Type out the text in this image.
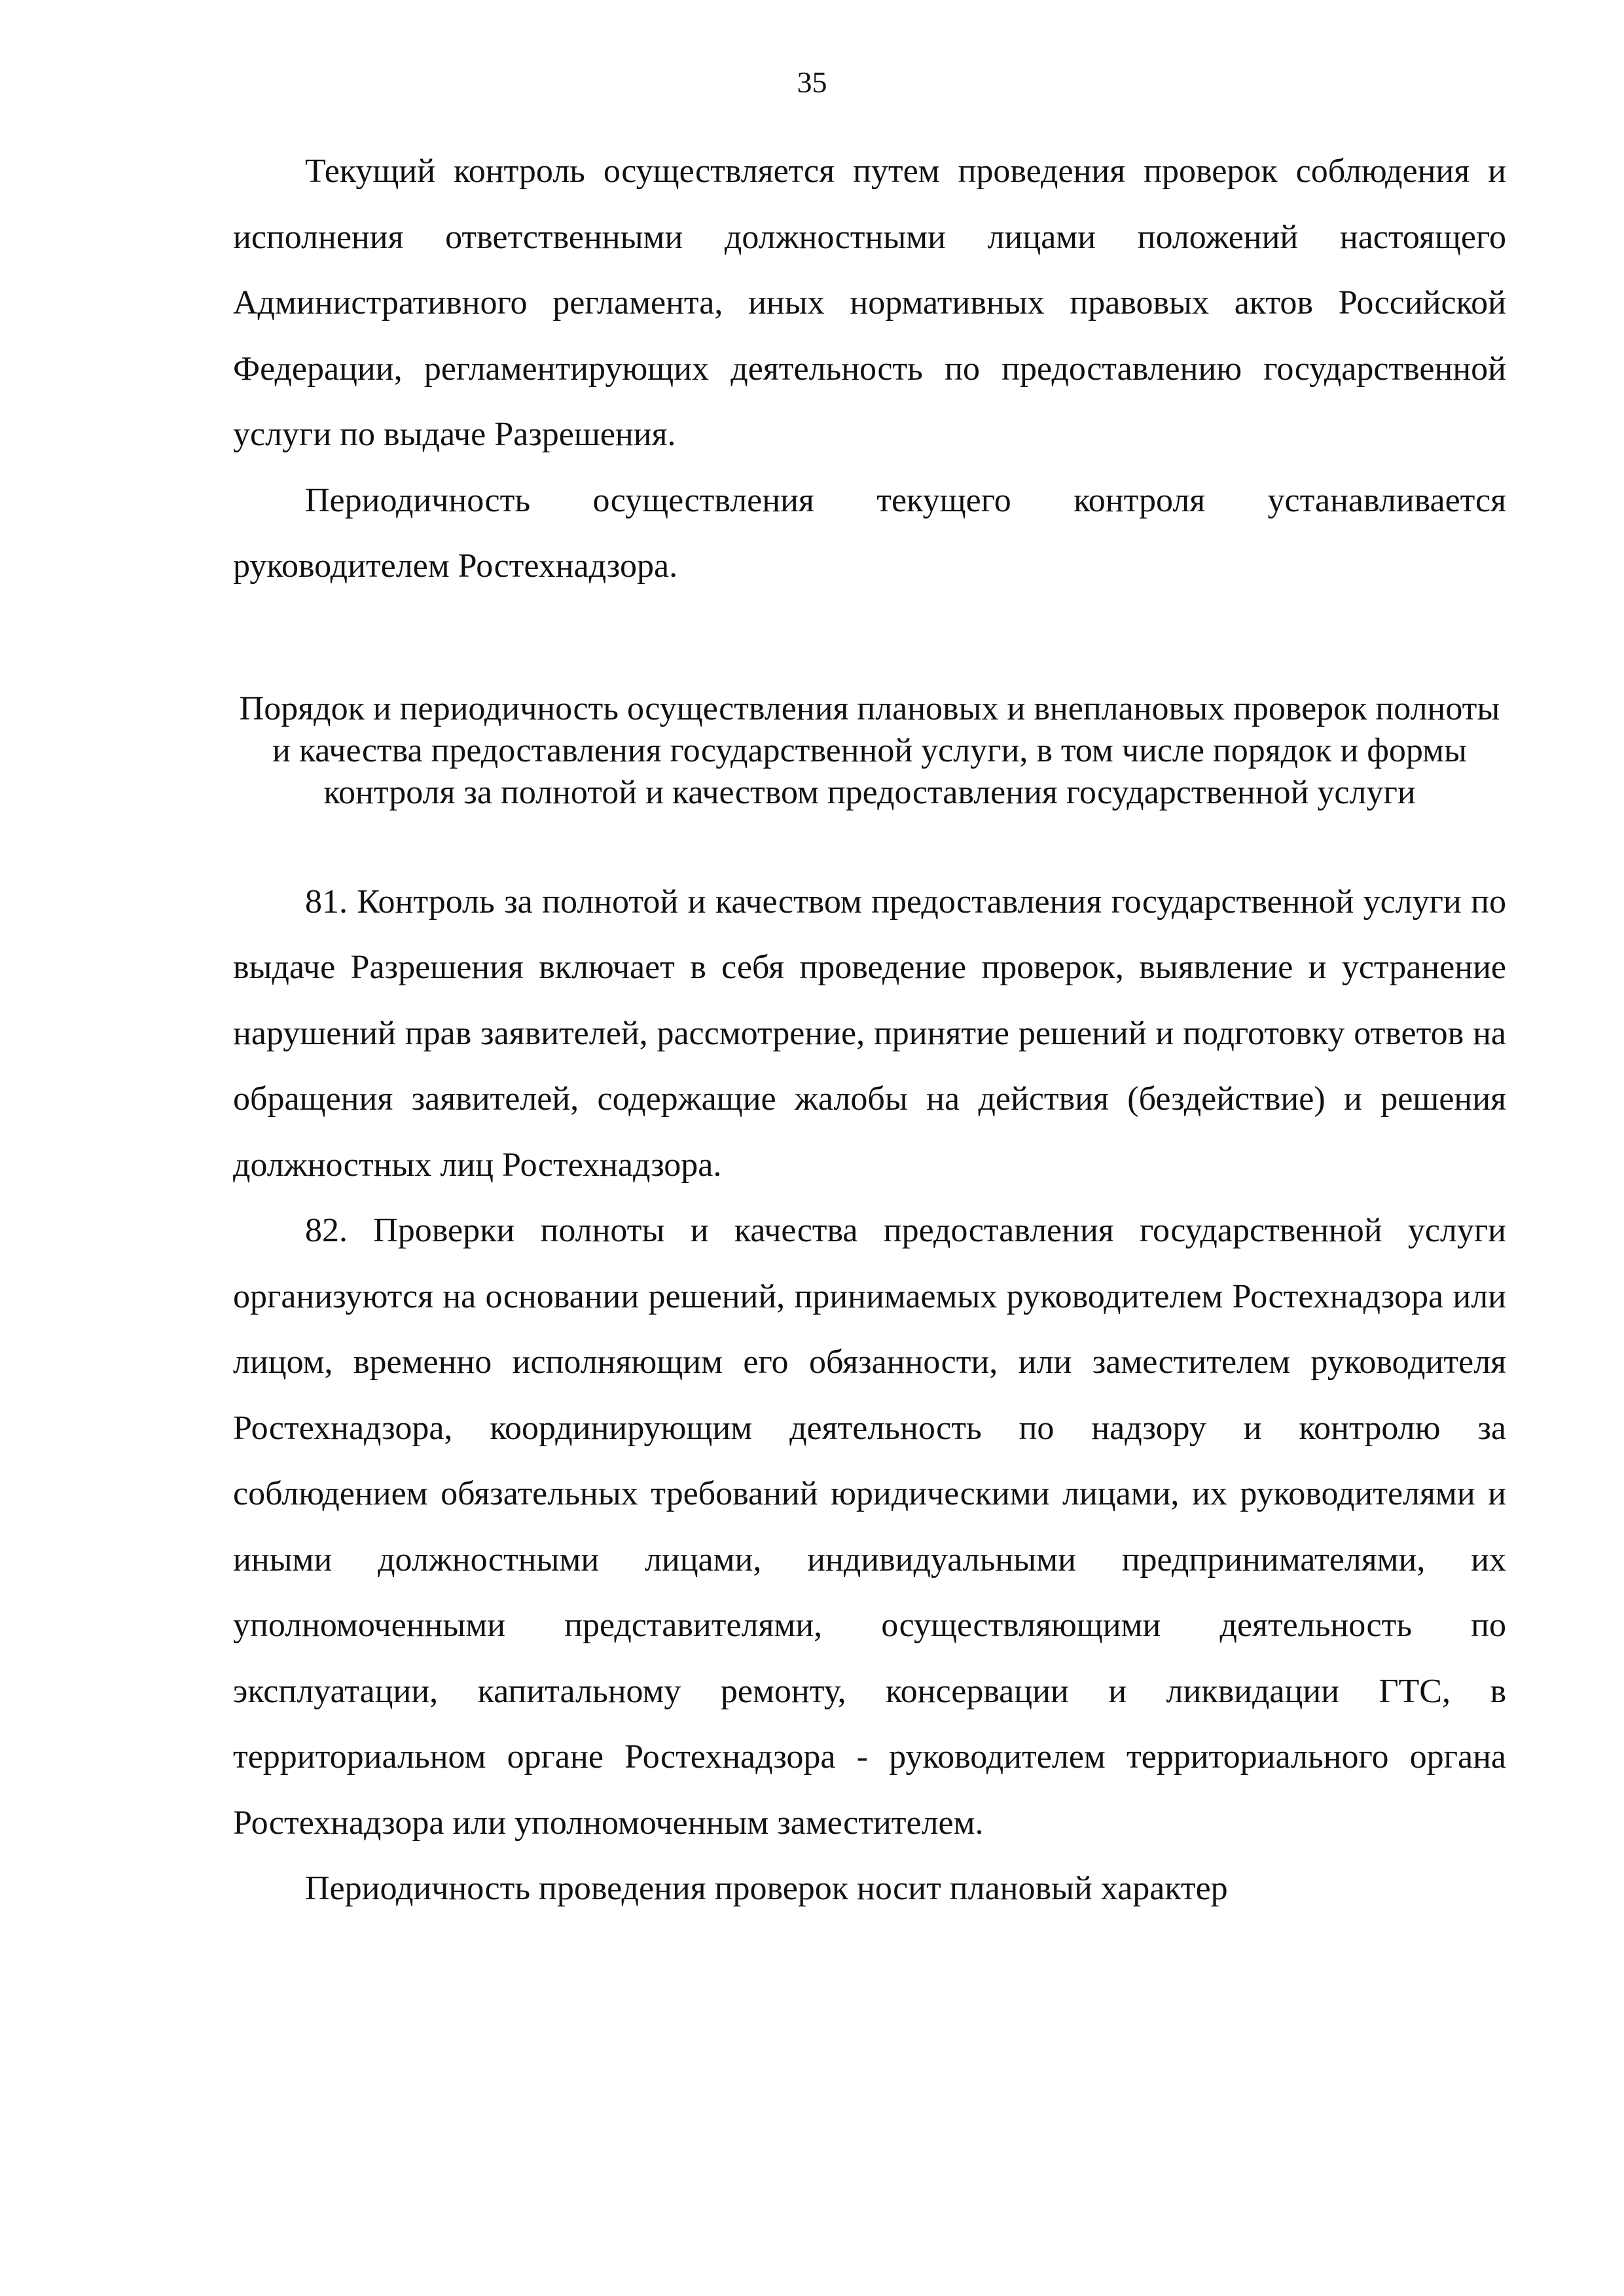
35

Текущий контроль осуществляется путем проведения проверок соблюдения и исполнения ответственными должностными лицами положений настоящего Административного регламента, иных нормативных правовых актов Российской Федерации, регламентирующих деятельность по предоставлению государственной услуги по выдаче Разрешения.

Периодичность осуществления текущего контроля устанавливается руководителем Ростехнадзора.

Порядок и периодичность осуществления плановых и внеплановых проверок полноты и качества предоставления государственной услуги, в том числе порядок и формы контроля за полнотой и качеством предоставления государственной услуги

81. Контроль за полнотой и качеством предоставления государственной услуги по выдаче Разрешения включает в себя проведение проверок, выявление и устранение нарушений прав заявителей, рассмотрение, принятие решений и подготовку ответов на обращения заявителей, содержащие жалобы на действия (бездействие) и решения должностных лиц Ростехнадзора.

82. Проверки полноты и качества предоставления государственной услуги организуются на основании решений, принимаемых руководителем Ростехнадзора или лицом, временно исполняющим его обязанности, или заместителем руководителя Ростехнадзора, координирующим деятельность по надзору и контролю за соблюдением обязательных требований юридическими лицами, их руководителями и иными должностными лицами, индивидуальными предпринимателями, их уполномоченными представителями, осуществляющими деятельность по эксплуатации, капитальному ремонту, консервации и ликвидации ГТС, в территориальном органе Ростехнадзора - руководителем территориального органа Ростехнадзора или уполномоченным заместителем.

Периодичность проведения проверок носит плановый характер
